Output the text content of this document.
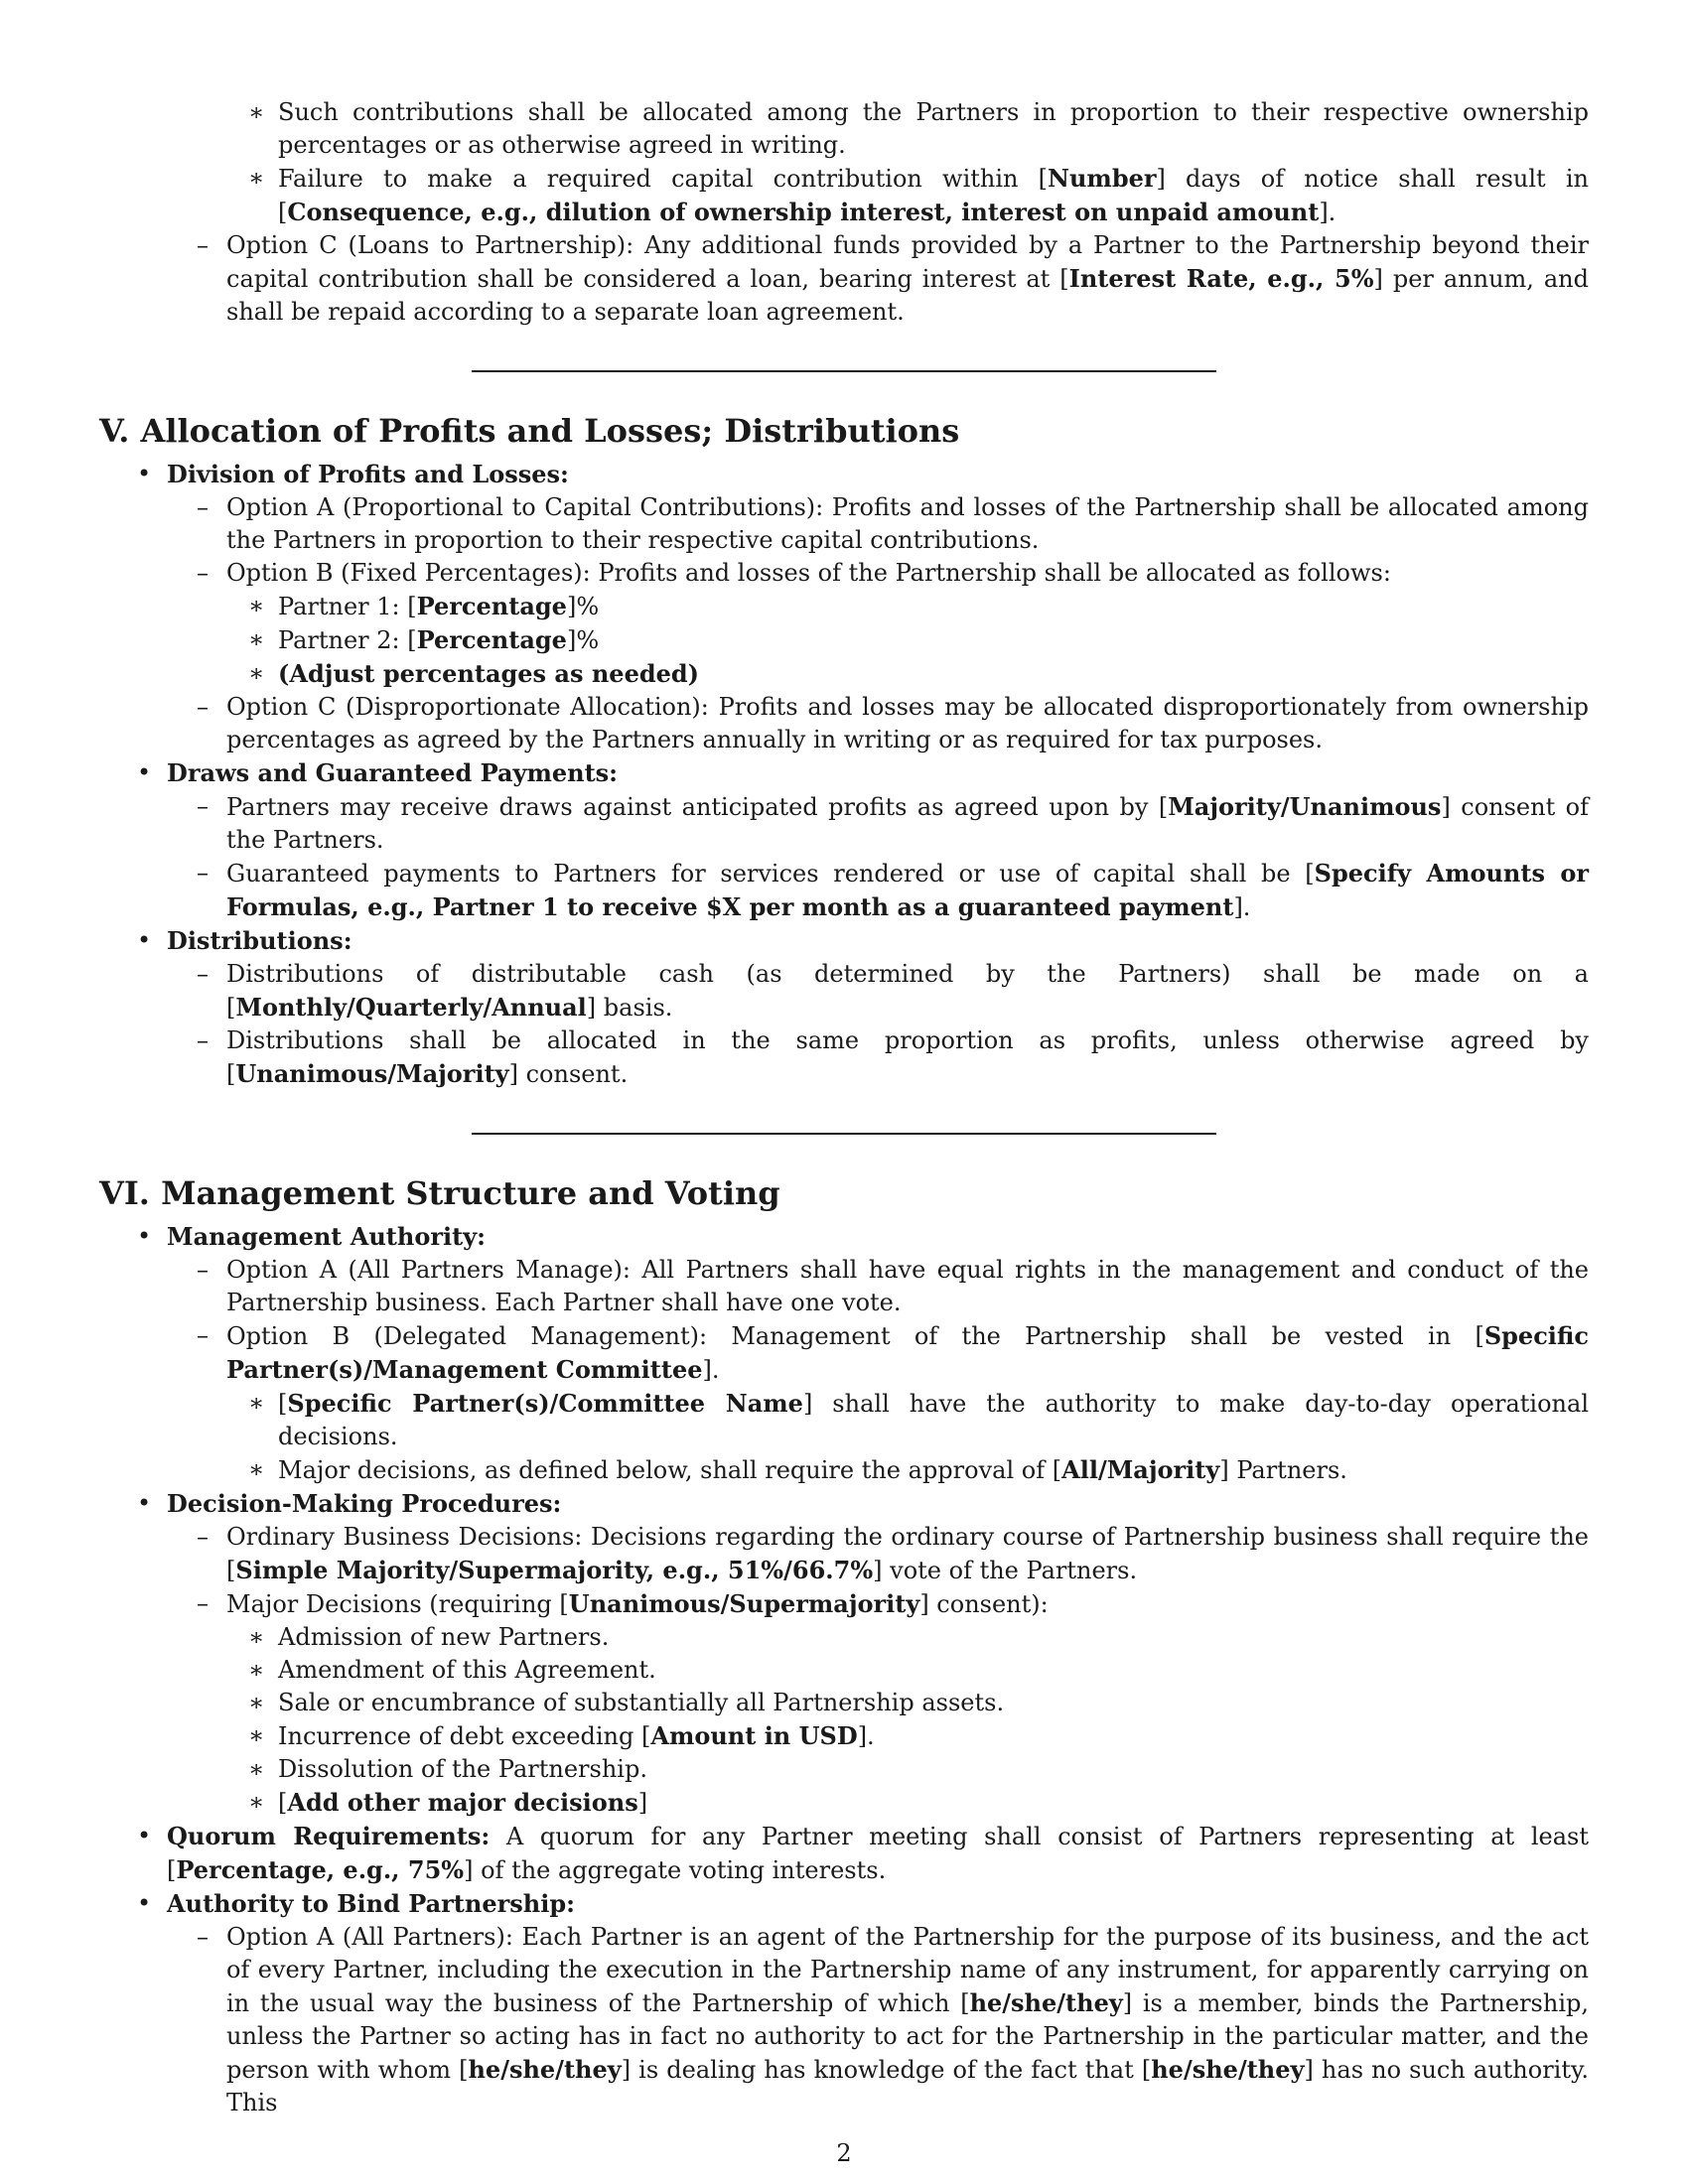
∗ Such contributions shall be allocated among the Partners in proportion to their respective ownership percentages or as otherwise agreed in writing.
∗ Failure to make a required capital contribution within [Number] days of notice shall result in [Consequence, e.g., dilution of ownership interest, interest on unpaid amount].
– Option C (Loans to Partnership): Any additional funds provided by a Partner to the Partnership beyond their capital contribution shall be considered a loan, bearing interest at [Interest Rate, e.g., 5%] per annum, and shall be repaid according to a separate loan agreement.
V. Allocation of Profits and Losses; Distributions
• Division of Profits and Losses:
– Option A (Proportional to Capital Contributions): Profits and losses of the Partnership shall be allocated among the Partners in proportion to their respective capital contributions.
– Option B (Fixed Percentages): Profits and losses of the Partnership shall be allocated as follows:
∗ Partner 1: [Percentage]%
∗ Partner 2: [Percentage]%
∗ (Adjust percentages as needed)
– Option C (Disproportionate Allocation): Profits and losses may be allocated disproportionately from ownership percentages as agreed by the Partners annually in writing or as required for tax purposes.
• Draws and Guaranteed Payments:
– Partners may receive draws against anticipated profits as agreed upon by [Majority/Unanimous] consent of the Partners.
– Guaranteed payments to Partners for services rendered or use of capital shall be [Specify Amounts or Formulas, e.g., Partner 1 to receive $X per month as a guaranteed payment].
• Distributions:
– Distributions of distributable cash (as determined by the Partners) shall be made on a [Monthly/Quarterly/Annual] basis.
– Distributions shall be allocated in the same proportion as profits, unless otherwise agreed by [Unanimous/Majority] consent.
VI. Management Structure and Voting
• Management Authority:
– Option A (All Partners Manage): All Partners shall have equal rights in the management and conduct of the Partnership business. Each Partner shall have one vote.
– Option B (Delegated Management): Management of the Partnership shall be vested in [Specific Partner(s)/Management Committee].
∗ [Specific Partner(s)/Committee Name] shall have the authority to make day-to-day operational decisions.
∗ Major decisions, as defined below, shall require the approval of [All/Majority] Partners.
• Decision-Making Procedures:
– Ordinary Business Decisions: Decisions regarding the ordinary course of Partnership business shall require the [Simple Majority/Supermajority, e.g., 51%/66.7%] vote of the Partners.
– Major Decisions (requiring [Unanimous/Supermajority] consent):
∗ Admission of new Partners.
∗ Amendment of this Agreement.
∗ Sale or encumbrance of substantially all Partnership assets.
∗ Incurrence of debt exceeding [Amount in USD].
∗ Dissolution of the Partnership.
∗ [Add other major decisions]
• Quorum Requirements: A quorum for any Partner meeting shall consist of Partners representing at least [Percentage, e.g., 75%] of the aggregate voting interests.
• Authority to Bind Partnership:
– Option A (All Partners): Each Partner is an agent of the Partnership for the purpose of its business, and the act of every Partner, including the execution in the Partnership name of any instrument, for apparently carrying on in the usual way the business of the Partnership of which [he/she/they] is a member, binds the Partnership, unless the Partner so acting has in fact no authority to act for the Partnership in the particular matter, and the person with whom [he/she/they] is dealing has knowledge of the fact that [he/she/they] has no such authority. This
2
